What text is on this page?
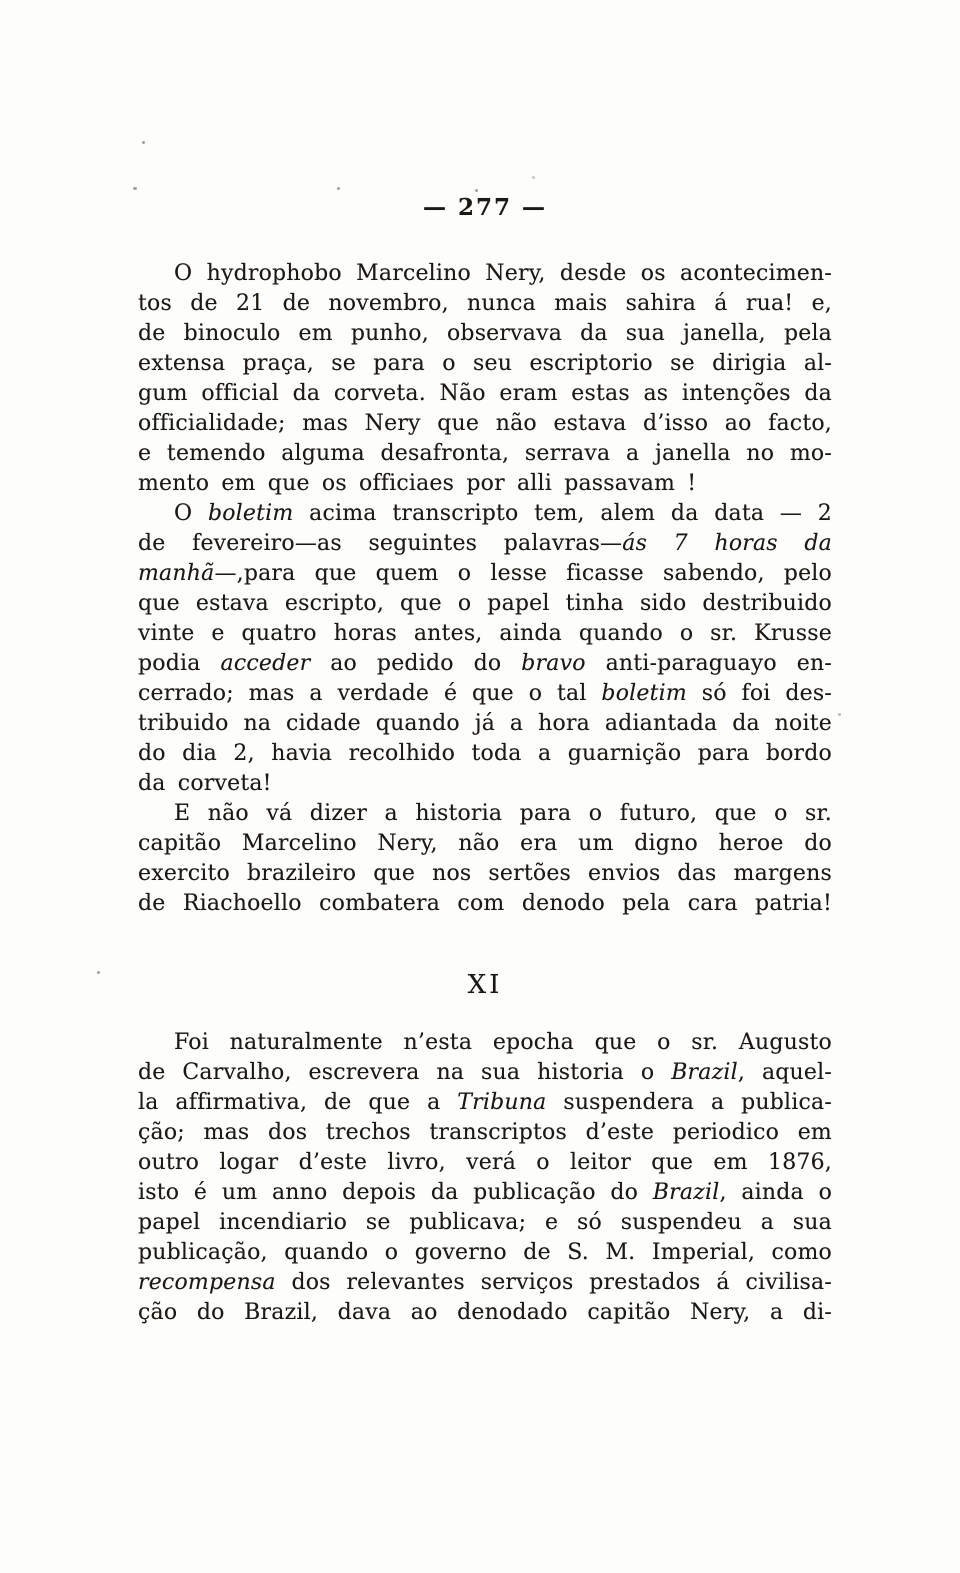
— 277 —
O hydrophobo Marcelino Nery, desde os acontecimen-
tos de 21 de novembro, nunca mais sahira á rua! e,
de binoculo em punho, observava da sua janella, pela
extensa praça, se para o seu escriptorio se dirigia al-
gum official da corveta. Não eram estas as intenções da
officialidade; mas Nery que não estava d’isso ao facto,
e temendo alguma desafronta, serrava a janella no mo-
mento em que os officiaes por alli passavam !
O boletim acima transcripto tem, alem da data — 2
de fevereiro—as seguintes palavras—ás 7 horas da
manhã—,para que quem o lesse ficasse sabendo, pelo
que estava escripto, que o papel tinha sido destribuido
vinte e quatro horas antes, ainda quando o sr. Krusse
podia acceder ao pedido do bravo anti-paraguayo en-
cerrado; mas a verdade é que o tal boletim só foi des-
tribuido na cidade quando já a hora adiantada da noite
do dia 2, havia recolhido toda a guarnição para bordo
da corveta!
E não vá dizer a historia para o futuro, que o sr.
capitão Marcelino Nery, não era um digno heroe do
exercito brazileiro que nos sertões envios das margens
de Riachoello combatera com denodo pela cara patria!
XI
Foi naturalmente n’esta epocha que o sr. Augusto
de Carvalho, escrevera na sua historia o Brazil, aquel-
la affirmativa, de que a Tribuna suspendera a publica-
ção; mas dos trechos transcriptos d’este periodico em
outro logar d’este livro, verá o leitor que em 1876,
isto é um anno depois da publicação do Brazil, ainda o
papel incendiario se publicava; e só suspendeu a sua
publicação, quando o governo de S. M. Imperial, como
recompensa dos relevantes serviços prestados á civilisa-
ção do Brazil, dava ao denodado capitão Nery, a di-
